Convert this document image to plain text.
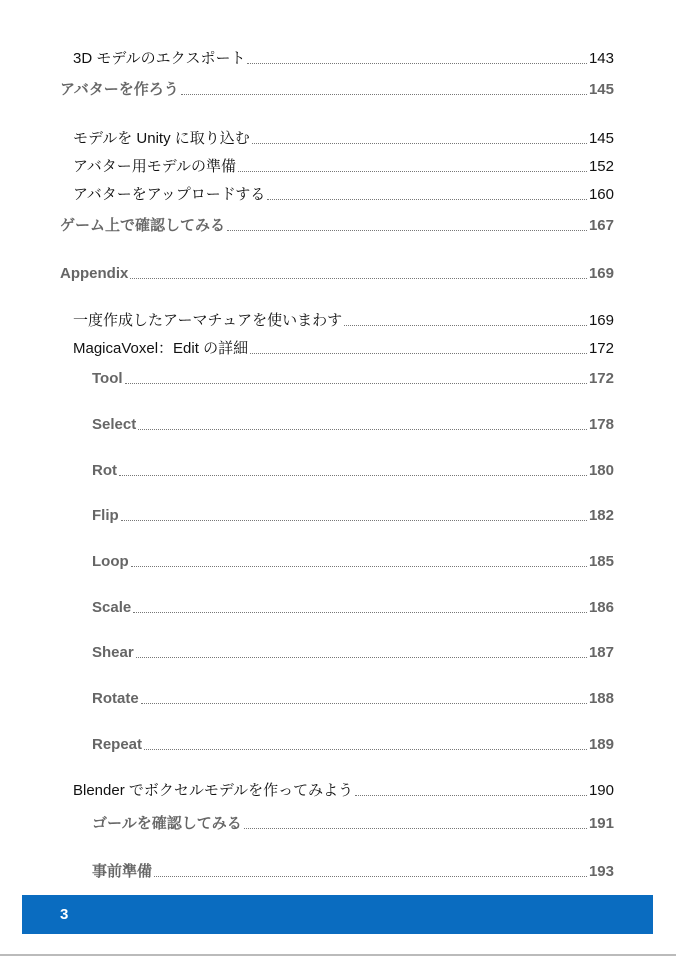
3D モデルのエクスポート	143
アバターを作ろう	145
モデルを Unity に取り込む	145
アバター用モデルの準備	152
アバターをアップロードする	160
ゲーム上で確認してみる	167
Appendix	169
一度作成したアーマチュアを使いまわす	169
MagicaVoxel：Edit の詳細	172
Tool	172
Select	178
Rot	180
Flip	182
Loop	185
Scale	186
Shear	187
Rotate	188
Repeat	189
Blender でボクセルモデルを作ってみよう	190
ゴールを確認してみる	191
事前準備	193
3
